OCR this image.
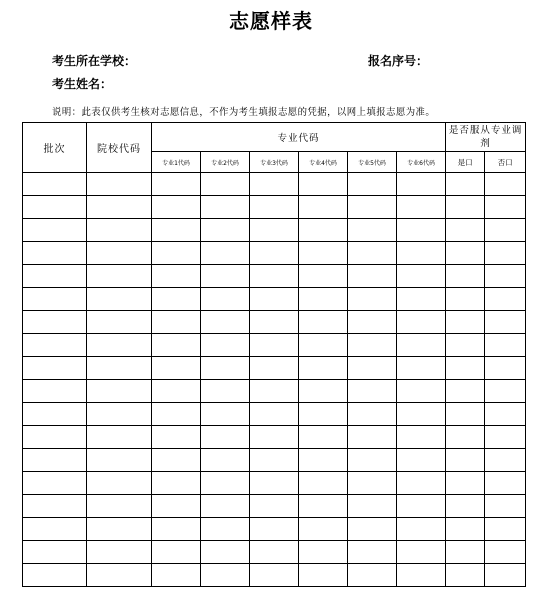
志愿样表
考生所在学校：	报名序号：
考生姓名：
说明：此表仅供考生核对志愿信息，不作为考生填报志愿的凭据，以网上填报志愿为准。
批次	院校代码	专业代码						是否服从专业调剂	
		专业1代码	专业2代码	专业3代码	专业4代码	专业5代码	专业6代码	是口	否口
